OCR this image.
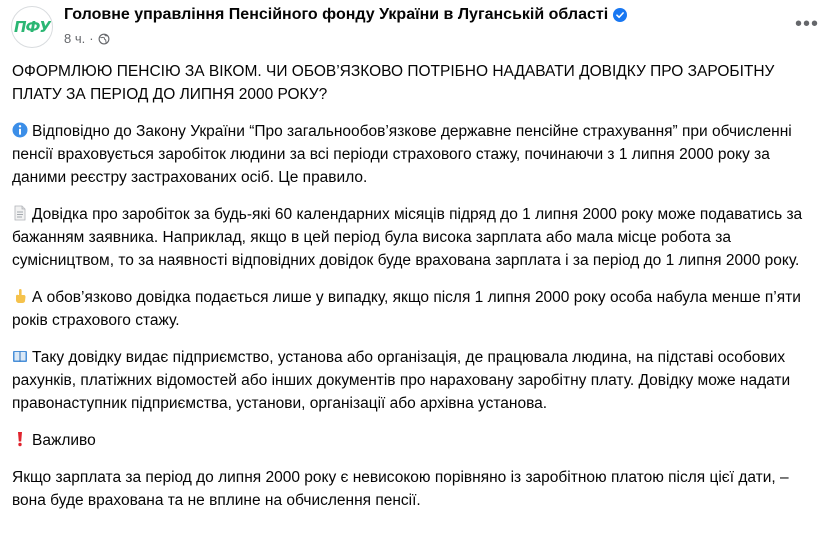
ПФУ
Головне управління Пенсійного фонду України в Луганській області
8 ч. ·
•••

ОФОРМЛЮЮ ПЕНСІЮ ЗА ВІКОМ. ЧИ ОБОВ’ЯЗКОВО ПОТРІБНО НАДАВАТИ ДОВІДКУ ПРО ЗАРОБІТНУ ПЛАТУ ЗА ПЕРІОД ДО ЛИПНЯ 2000 РОКУ?

Відповідно до Закону України “Про загальнообов’язкове державне пенсійне страхування” при обчисленні пенсії враховується заробіток людини за всі періоди страхового стажу, починаючи з 1 липня 2000 року за даними реєстру застрахованих осіб. Це правило.

Довідка про заробіток за будь-які 60 календарних місяців підряд до 1 липня 2000 року може подаватись за бажанням заявника. Наприклад, якщо в цей період була висока зарплата або мала місце робота за сумісництвом, то за наявності відповідних довідок буде врахована зарплата і за період до 1 липня 2000 року.

А обов’язково довідка подається лише у випадку, якщо після 1 липня 2000 року особа набула менше п’яти років страхового стажу.

Таку довідку видає підприємство, установа або організація, де працювала людина, на підставі особових рахунків, платіжних відомостей або інших документів про нараховану заробітну плату. Довідку може надати правонаступник підприємства, установи, організації або архівна установа.

Важливо

Якщо зарплата за період до липня 2000 року є невисокою порівняно із заробітною платою після цієї дати, – вона буде врахована та не вплине на обчислення пенсії.
